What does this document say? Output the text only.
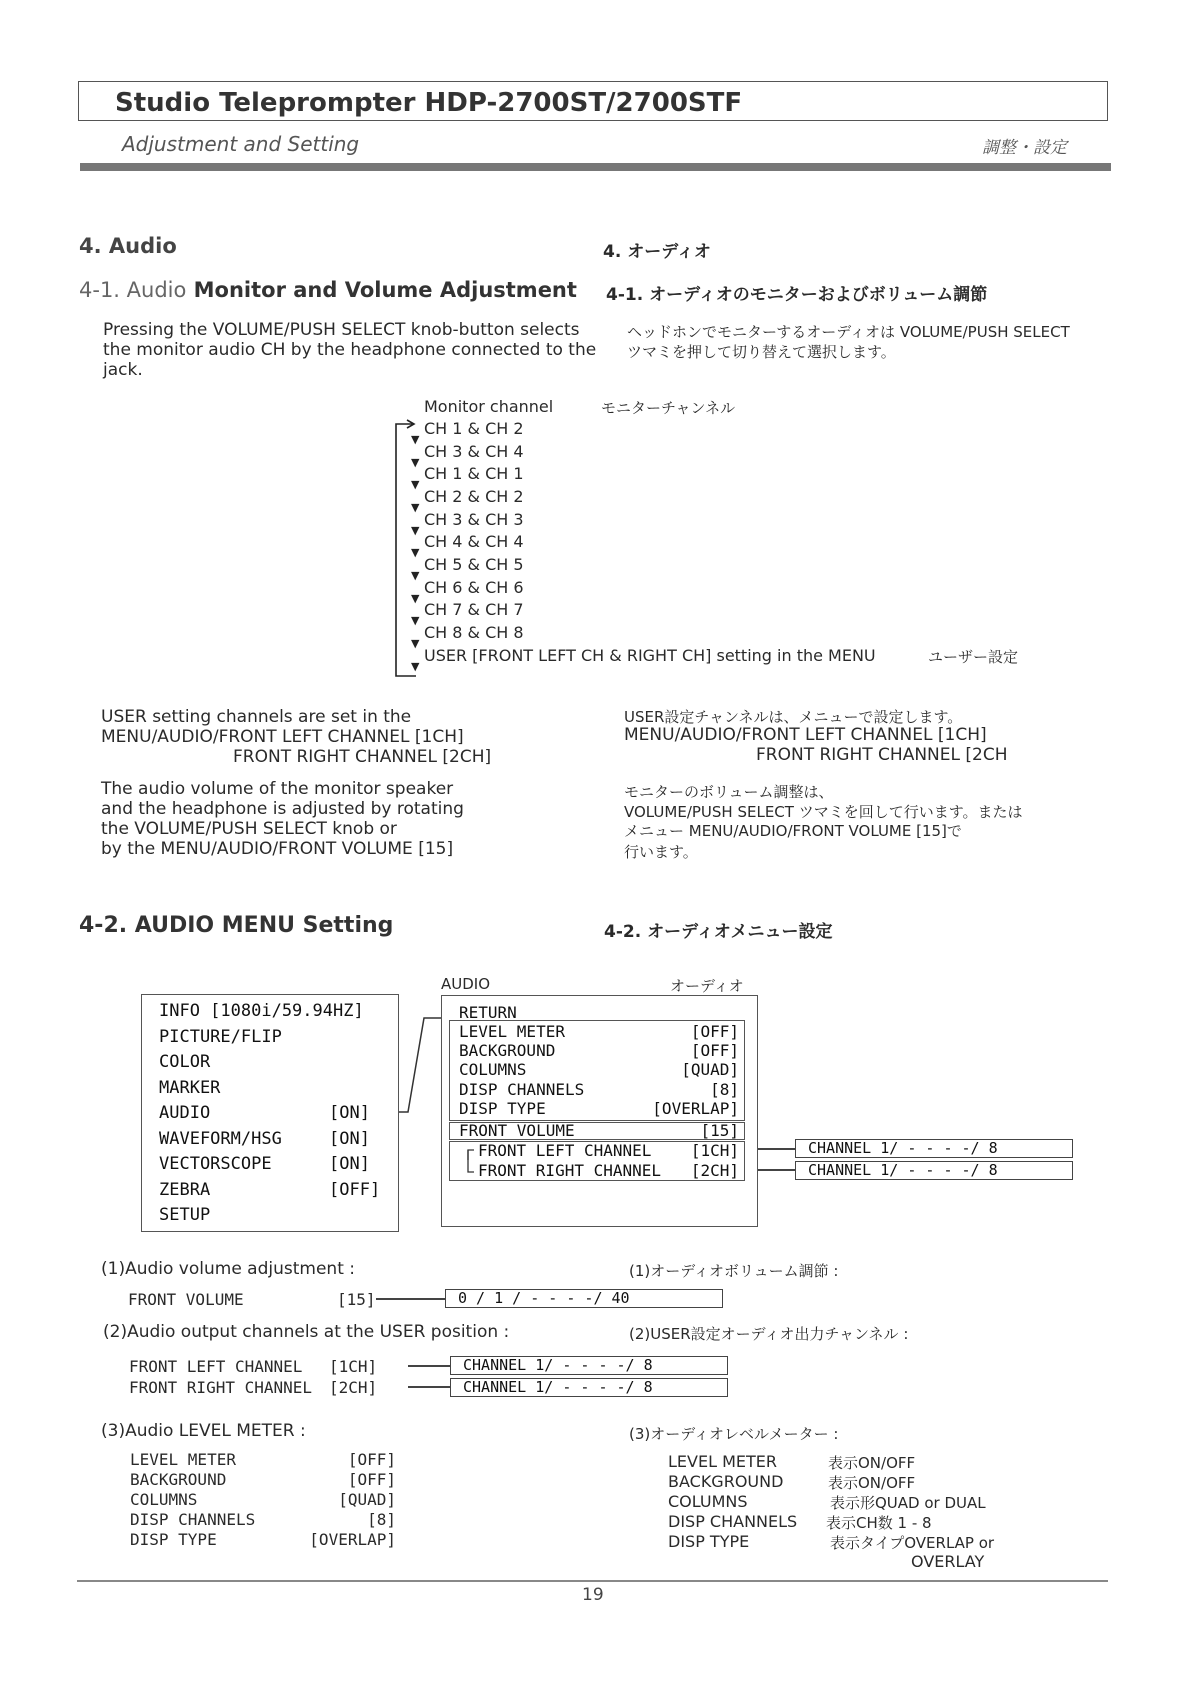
Studio Teleprompter HDP-2700ST/2700STF
Adjustment and Setting	調整・設定
4. Audio	4. オーディオ
4-1. Audio Monitor and Volume Adjustment 4-1. オーディオのモニターおよびボリューム調節
Pressing the VOLUME/PUSH SELECT knob-button selects
the monitor audio CH by the headphone connected to the
jack.
ヘッドホンでモニターするオーディオは VOLUME/PUSH SELECT
ツマミを押して切り替えて選択します。
Monitor channel	モニターチャンネル
CH 1 & CH 2
CH 3 & CH 4
CH 1 & CH 1
CH 2 & CH 2
CH 3 & CH 3
CH 4 & CH 4
CH 5 & CH 5
CH 6 & CH 6
CH 7 & CH 7
CH 8 & CH 8
USER [FRONT LEFT CH & RIGHT CH] setting in the MENU	ユーザー設定
▼
▼
▼
▼
▼
▼
▼
▼
▼
▼
▼
USER setting channels are set in the
MENU/AUDIO/FRONT LEFT CHANNEL [1CH]
FRONT RIGHT CHANNEL [2CH]
USER設定チャンネルは、メニューで設定します。
MENU/AUDIO/FRONT LEFT CHANNEL [1CH]
FRONT RIGHT CHANNEL [2CH
The audio volume of the monitor speaker
and the headphone is adjusted by rotating
the VOLUME/PUSH SELECT knob or
by the MENU/AUDIO/FRONT VOLUME [15]
モニターのボリューム調整は、
VOLUME/PUSH SELECT ツマミを回して行います。または
メニュー MENU/AUDIO/FRONT VOLUME [15]で
行います。
4-2. AUDIO MENU Setting	4-2. オーディオメニュー設定
INFO [1080i/59.94HZ]
PICTURE/FLIP
COLOR
MARKER
AUDIO	[ON]
WAVEFORM/HSG	[ON]
VECTORSCOPE	[ON]
ZEBRA	[OFF]
SETUP
AUDIO	オーディオ
RETURN
LEVEL METER	[OFF]
BACKGROUND	[OFF]
COLUMNS	[QUAD]
DISP CHANNELS	[8]
DISP TYPE	[OVERLAP]
FRONT VOLUME	[15]
FRONT LEFT CHANNEL [1CH]
FRONT RIGHT CHANNEL [2CH]
CHANNEL 1/ - - - -/ 8
CHANNEL 1/ - - - -/ 8
(1)Audio volume adjustment :	(1)オーディオボリューム調節 :
FRONT VOLUME	[15]	0 / 1 / - - - -/ 40
(2)Audio output channels at the USER position :	(2)USER設定オーディオ出力チャンネル :
FRONT LEFT CHANNEL [1CH]
FRONT RIGHT CHANNEL [2CH]
CHANNEL 1/ - - - -/ 8
CHANNEL 1/ - - - -/ 8
(3)Audio LEVEL METER :	(3)オーディオレベルメーター :
LEVEL METER	[OFF]
BACKGROUND	[OFF]
COLUMNS	[QUAD]
DISP CHANNELS	[8]
DISP TYPE	[OVERLAP]
LEVEL METER	表示ON/OFF
BACKGROUND	表示ON/OFF
COLUMNS	表示形QUAD or DUAL
DISP CHANNELS 表示CH数 1 - 8
DISP TYPE	表示タイプOVERLAP or
OVERLAY
19
